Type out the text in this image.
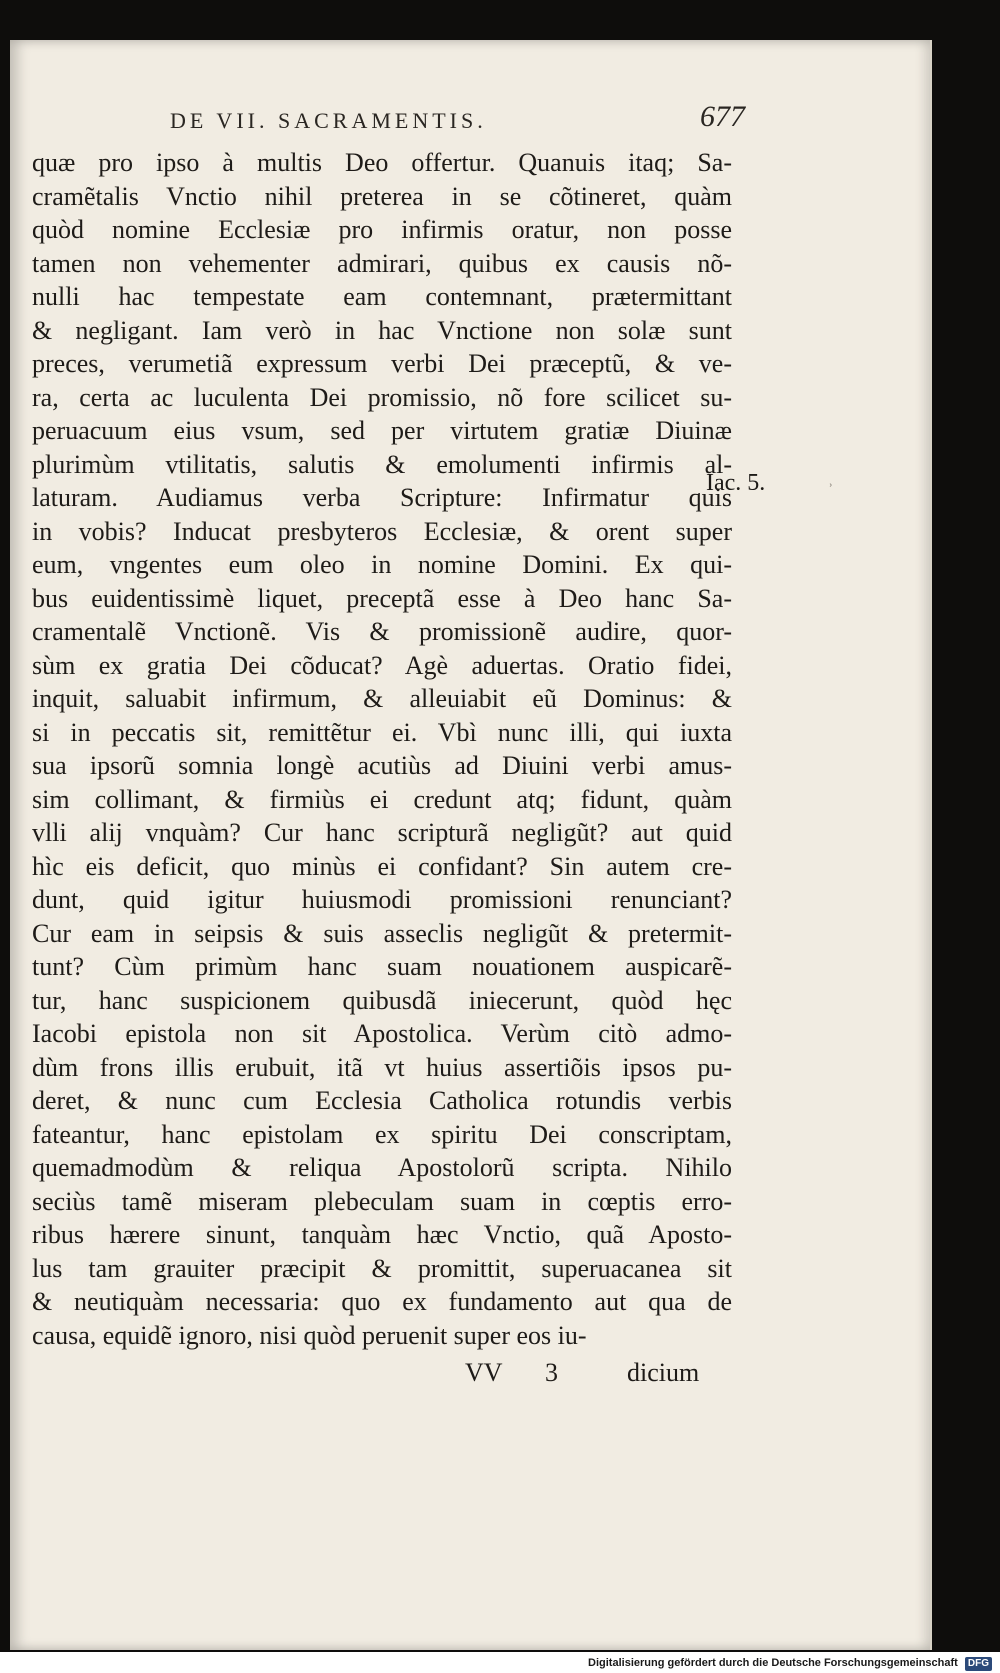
DE VII. SACRAMENTIS.	677
quæ pro ipso à multis Deo offertur. Quanuis itaq; Sa-
cramẽtalis Vnctio nihil preterea in se cõtineret, quàm
quòd nomine Ecclesiæ pro infirmis oratur, non posse
tamen non vehementer admirari, quibus ex causis nõ-
nulli hac tempestate eam contemnant, prætermittant
& negligant. Iam verò in hac Vnctione non solæ sunt
preces, verumetiã expressum verbi Dei præceptũ, & ve-
ra, certa ac luculenta Dei promissio, nõ fore scilicet su-
peruacuum eius vsum, sed per virtutem gratiæ Diuinæ
plurimùm vtilitatis, salutis & emolumenti infirmis al-
laturam. Audiamus verba Scripture: Infirmatur quis
in vobis? Inducat presbyteros Ecclesiæ, & orent super
eum, vngentes eum oleo in nomine Domini. Ex qui-
bus euidentissimè liquet, preceptã esse à Deo hanc Sa-
cramentalẽ Vnctionẽ. Vis & promissionẽ audire, quor-
sùm ex gratia Dei cõducat? Agè aduertas. Oratio fidei,
inquit, saluabit infirmum, & alleuiabit eũ Dominus: &
si in peccatis sit, remittẽtur ei. Vbì nunc illi, qui iuxta
sua ipsorũ somnia longè acutiùs ad Diuini verbi amus-
sim collimant, & firmiùs ei credunt atq; fidunt, quàm
vlli alij vnquàm? Cur hanc scripturã negligũt? aut quid
hìc eis deficit, quo minùs ei confidant? Sin autem cre-
dunt, quid igitur huiusmodi promissioni renunciant?
Cur eam in seipsis & suis asseclis negligũt & pretermit-
tunt? Cùm primùm hanc suam nouationem auspicarẽ-
tur, hanc suspicionem quibusdã iniecerunt, quòd hęc
Iacobi epistola non sit Apostolica. Verùm citò admo-
dùm frons illis erubuit, itã vt huius assertiõis ipsos pu-
deret, & nunc cum Ecclesia Catholica rotundis verbis
fateantur, hanc epistolam ex spiritu Dei conscriptam,
quemadmodùm & reliqua Apostolorũ scripta. Nihilo
seciùs tamẽ miseram plebeculam suam in cœptis erro-
ribus hærere sinunt, tanquàm hæc Vnctio, quã Aposto-
lus tam grauiter præcipit & promittit, superuacanea sit
& neutiquàm necessaria: quo ex fundamento aut qua de
causa, equidẽ ignoro, nisi quòd peruenit super eos iu-
Iac. 5.	ʾ
VV 3	dicium
Digitalisierung gefördert durch die Deutsche Forschungsgemeinschaft DFG
